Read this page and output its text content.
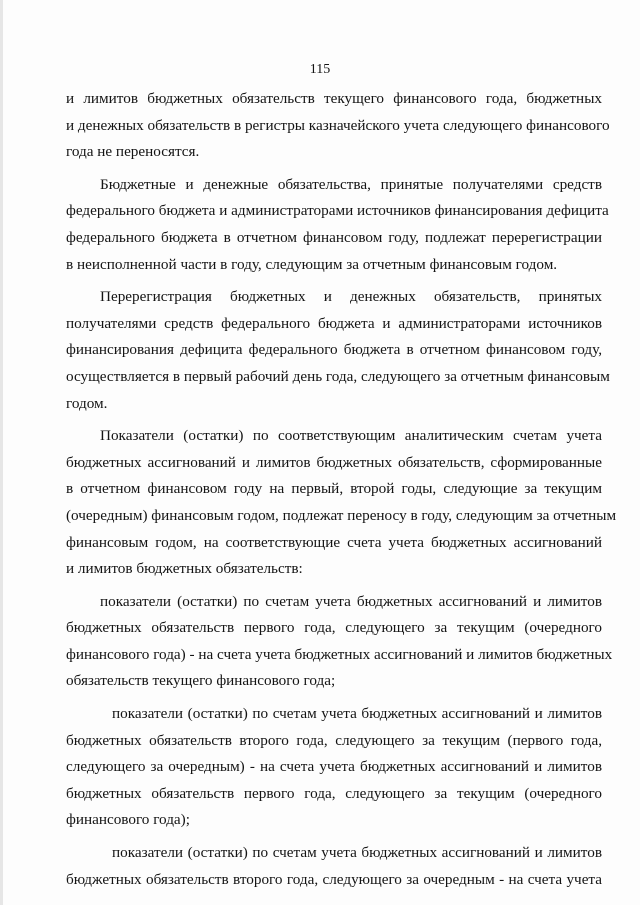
115
и лимитов бюджетных обязательств текущего финансового года, бюджетных
и денежных обязательств в регистры казначейского учета следующего финансового
года не переносятся.
Бюджетные и денежные обязательства, принятые получателями средств
федерального бюджета и администраторами источников финансирования дефицита
федерального бюджета в отчетном финансовом году, подлежат перерегистрации
в неисполненной части в году, следующим за отчетным финансовым годом.
Перерегистрация бюджетных и денежных обязательств, принятых
получателями средств федерального бюджета и администраторами источников
финансирования дефицита федерального бюджета в отчетном финансовом году,
осуществляется в первый рабочий день года, следующего за отчетным финансовым
годом.
Показатели (остатки) по соответствующим аналитическим счетам учета
бюджетных ассигнований и лимитов бюджетных обязательств, сформированные
в отчетном финансовом году на первый, второй годы, следующие за текущим
(очередным) финансовым годом, подлежат переносу в году, следующим за отчетным
финансовым годом, на соответствующие счета учета бюджетных ассигнований
и лимитов бюджетных обязательств:
показатели (остатки) по счетам учета бюджетных ассигнований и лимитов
бюджетных обязательств первого года, следующего за текущим (очередного
финансового года) - на счета учета бюджетных ассигнований и лимитов бюджетных
обязательств текущего финансового года;
показатели (остатки) по счетам учета бюджетных ассигнований и лимитов
бюджетных обязательств второго года, следующего за текущим (первого года,
следующего за очередным) - на счета учета бюджетных ассигнований и лимитов
бюджетных обязательств первого года, следующего за текущим (очередного
финансового года);
показатели (остатки) по счетам учета бюджетных ассигнований и лимитов
бюджетных обязательств второго года, следующего за очередным - на счета учета
